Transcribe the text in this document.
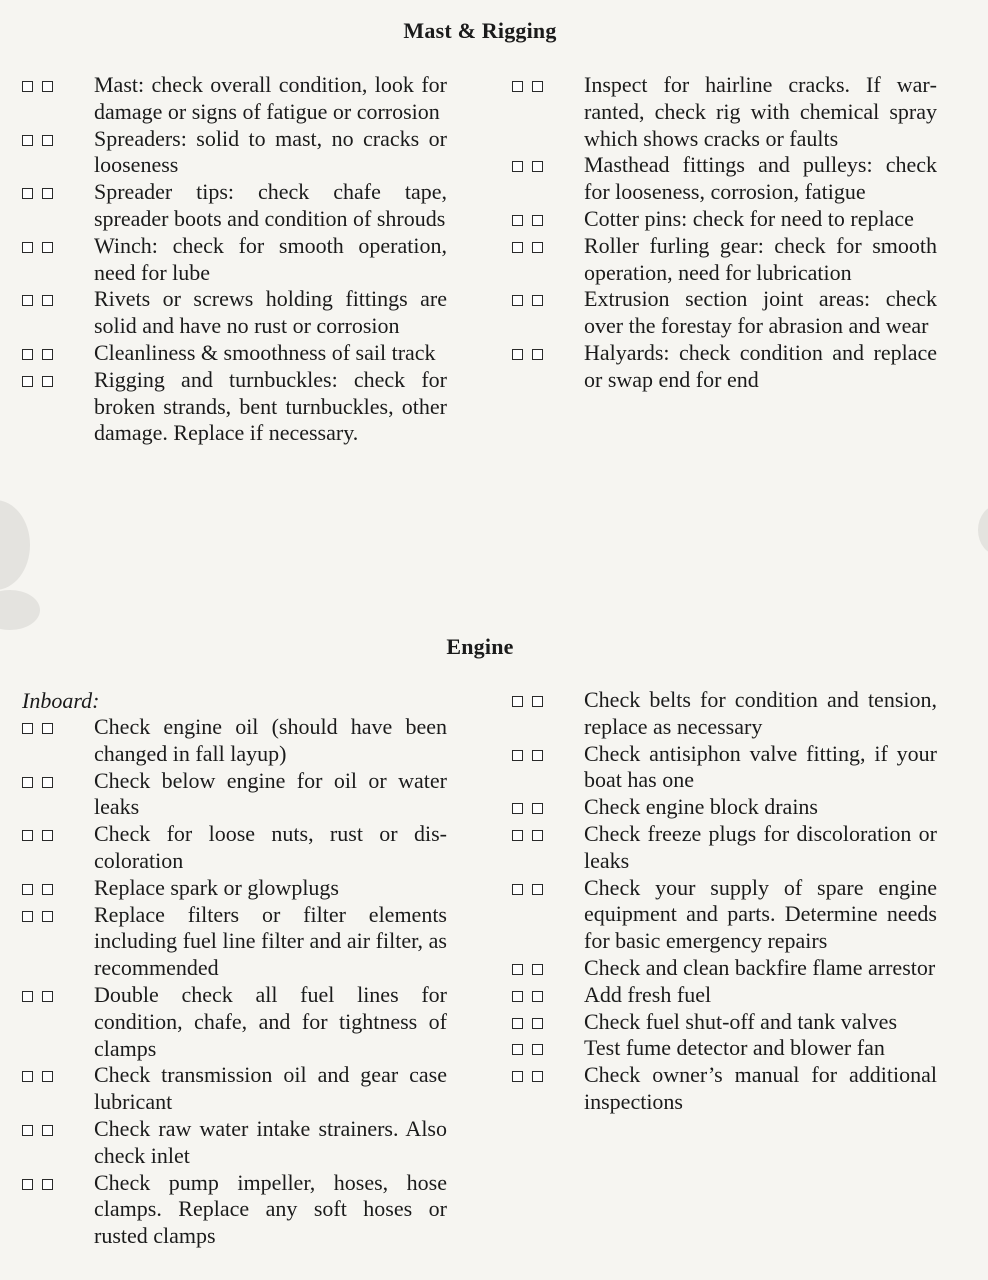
Mast & Rigging
Mast: check overall condition, look for damage or signs of fatigue or corrosion
Spreaders: solid to mast, no cracks or looseness
Spreader tips: check chafe tape, spreader boots and condition of shrouds
Winch: check for smooth operation, need for lube
Rivets or screws holding fittings are solid and have no rust or corrosion
Cleanliness & smoothness of sail track
Rigging and turnbuckles: check for broken strands, bent turnbuckles, other damage. Replace if necessary.
Inspect for hairline cracks. If warranted, check rig with chemical spray which shows cracks or faults
Masthead fittings and pulleys: check for looseness, corrosion, fatigue
Cotter pins: check for need to replace
Roller furling gear: check for smooth operation, need for lubrication
Extrusion section joint areas: check over the forestay for abrasion and wear
Halyards: check condition and replace or swap end for end
Engine
Inboard:
Check engine oil (should have been changed in fall layup)
Check below engine for oil or water leaks
Check for loose nuts, rust or discoloration
Replace spark or glowplugs
Replace filters or filter elements including fuel line filter and air filter, as recommended
Double check all fuel lines for condition, chafe, and for tightness of clamps
Check transmission oil and gear case lubricant
Check raw water intake strainers. Also check inlet
Check pump impeller, hoses, hose clamps. Replace any soft hoses or rusted clamps
Check belts for condition and tension, replace as necessary
Check antisiphon valve fitting, if your boat has one
Check engine block drains
Check freeze plugs for discoloration or leaks
Check your supply of spare engine equipment and parts. Determine needs for basic emergency repairs
Check and clean backfire flame arrestor
Add fresh fuel
Check fuel shut-off and tank valves
Test fume detector and blower fan
Check owner’s manual for additional inspections
